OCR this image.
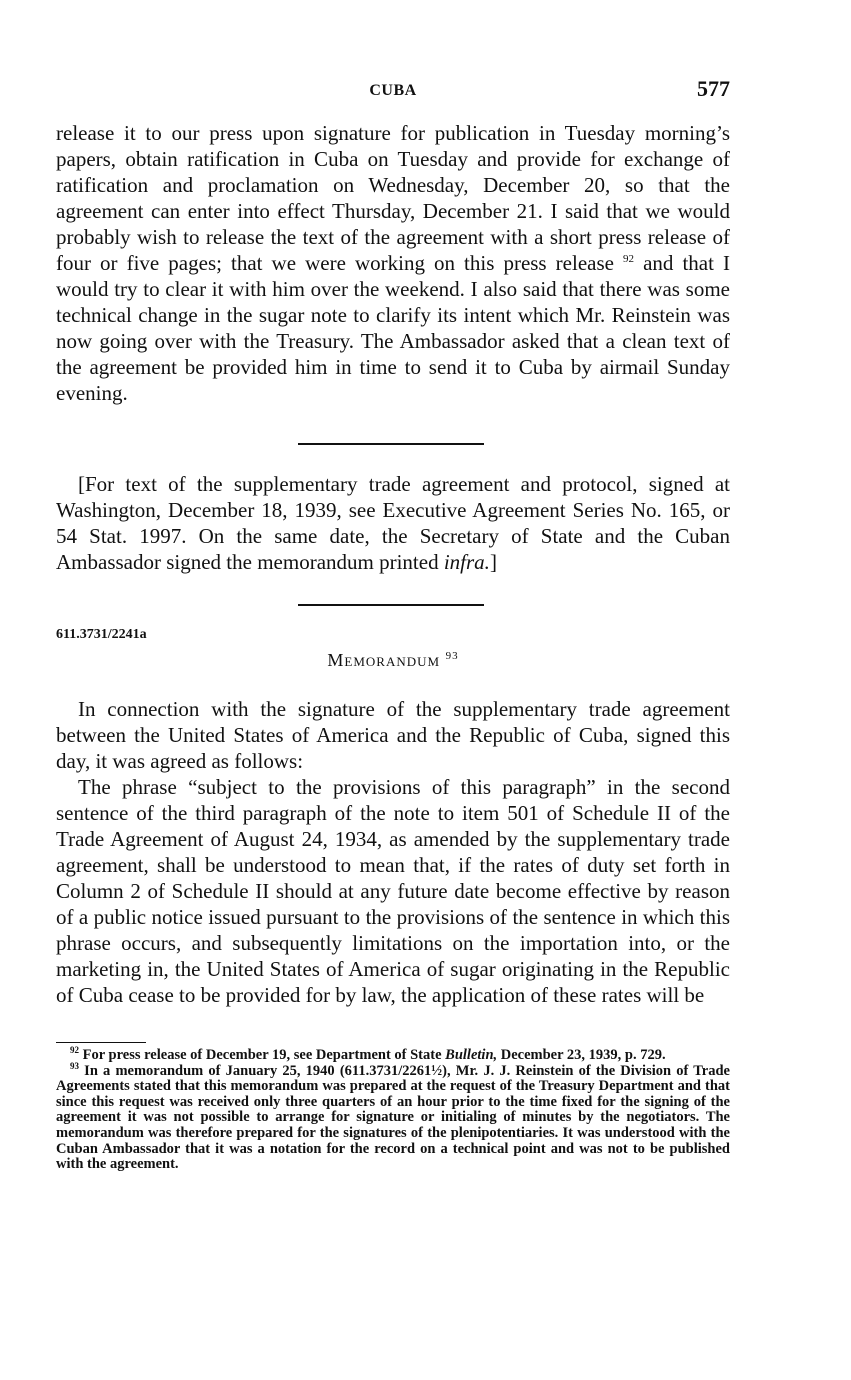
CUBA	577

release it to our press upon signature for publication in Tuesday morning’s papers, obtain ratification in Cuba on Tuesday and provide for exchange of ratification and proclamation on Wednesday, December 20, so that the agreement can enter into effect Thursday, December 21. I said that we would probably wish to release the text of the agreement with a short press release of four or five pages; that we were working on this press release $^{92}$ and that I would try to clear it with him over the weekend. I also said that there was some technical change in the sugar note to clarify its intent which Mr. Reinstein was now going over with the Treasury. The Ambassador asked that a clean text of the agreement be provided him in time to send it to Cuba by airmail Sunday evening.

[For text of the supplementary trade agreement and protocol, signed at Washington, December 18, 1939, see Executive Agreement Series No. 165, or 54 Stat. 1997. On the same date, the Secretary of State and the Cuban Ambassador signed the memorandum printed infra.]

611.3731/2241a
Memorandum $^{93}$

In connection with the signature of the supplementary trade agreement between the United States of America and the Republic of Cuba, signed this day, it was agreed as follows:

The phrase “subject to the provisions of this paragraph” in the second sentence of the third paragraph of the note to item 501 of Schedule II of the Trade Agreement of August 24, 1934, as amended by the supplementary trade agreement, shall be understood to mean that, if the rates of duty set forth in Column 2 of Schedule II should at any future date become effective by reason of a public notice issued pursuant to the provisions of the sentence in which this phrase occurs, and subsequently limitations on the importation into, or the marketing in, the United States of America of sugar originating in the Republic of Cuba cease to be provided for by law, the application of these rates will be

$^{92}$ For press release of December 19, see Department of State Bulletin, December 23, 1939, p. 729.

$^{93}$ In a memorandum of January 25, 1940 (611.3731/2261½), Mr. J. J. Reinstein of the Division of Trade Agreements stated that this memorandum was prepared at the request of the Treasury Department and that since this request was received only three quarters of an hour prior to the time fixed for the signing of the agreement it was not possible to arrange for signature or initialing of minutes by the negotiators. The memorandum was therefore prepared for the signatures of the plenipotentiaries. It was understood with the Cuban Ambassador that it was a notation for the record on a technical point and was not to be published with the agreement.
